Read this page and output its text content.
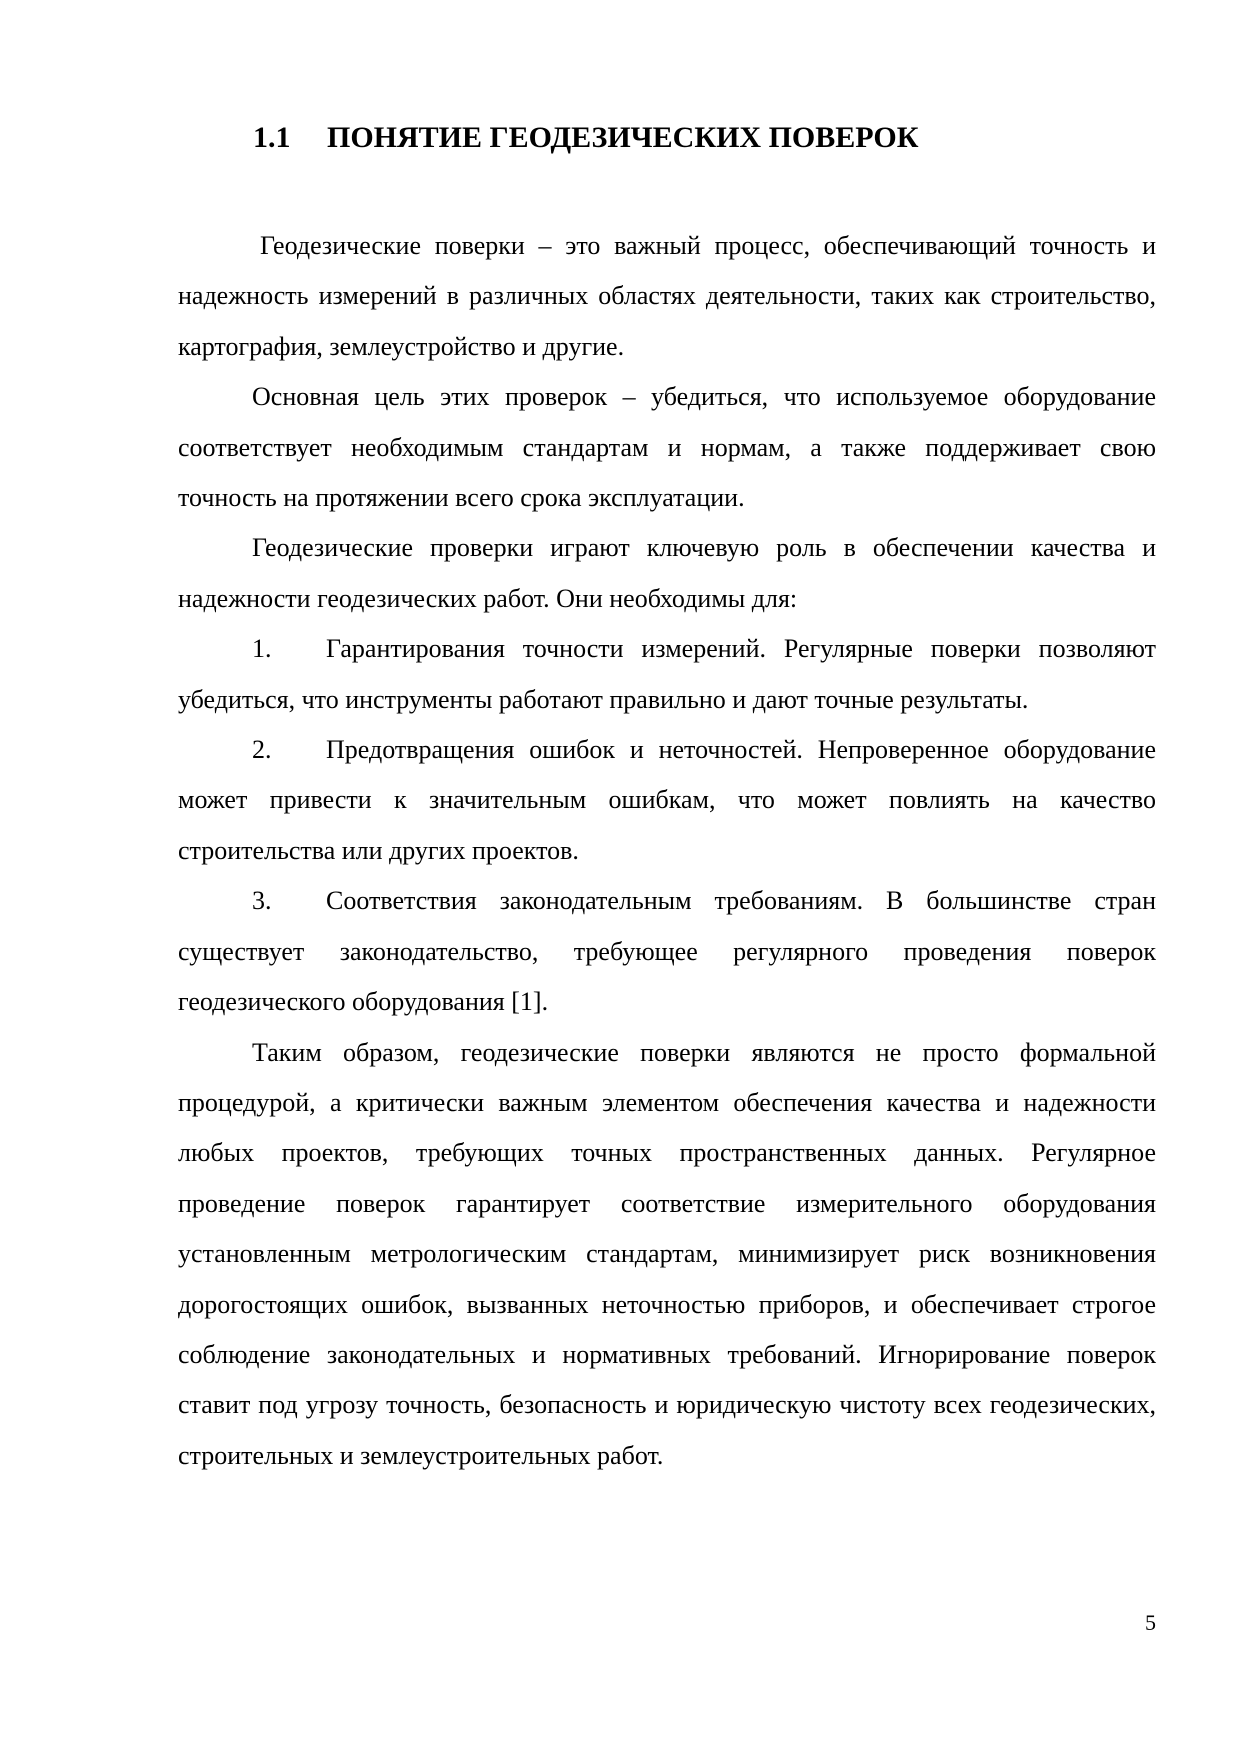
1.1 ПОНЯТИЕ ГЕОДЕЗИЧЕСКИХ ПОВЕРОК

Геодезические поверки – это важный процесс, обеспечивающий точность и надежность измерений в различных областях деятельности, таких как строительство, картография, землеустройство и другие.

Основная цель этих проверок – убедиться, что используемое оборудование соответствует необходимым стандартам и нормам, а также поддерживает свою точность на протяжении всего срока эксплуатации.

Геодезические проверки играют ключевую роль в обеспечении качества и надежности геодезических работ. Они необходимы для:

1. Гарантирования точности измерений. Регулярные поверки позволяют убедиться, что инструменты работают правильно и дают точные результаты.

2. Предотвращения ошибок и неточностей. Непроверенное оборудование может привести к значительным ошибкам, что может повлиять на качество строительства или других проектов.

3. Соответствия законодательным требованиям. В большинстве стран существует законодательство, требующее регулярного проведения поверок геодезического оборудования [1].

Таким образом, геодезические поверки являются не просто формальной процедурой, а критически важным элементом обеспечения качества и надежности любых проектов, требующих точных пространственных данных. Регулярное проведение поверок гарантирует соответствие измерительного оборудования установленным метрологическим стандартам, минимизирует риск возникновения дорогостоящих ошибок, вызванных неточностью приборов, и обеспечивает строгое соблюдение законодательных и нормативных требований. Игнорирование поверок ставит под угрозу точность, безопасность и юридическую чистоту всех геодезических, строительных и землеустроительных работ.

5
